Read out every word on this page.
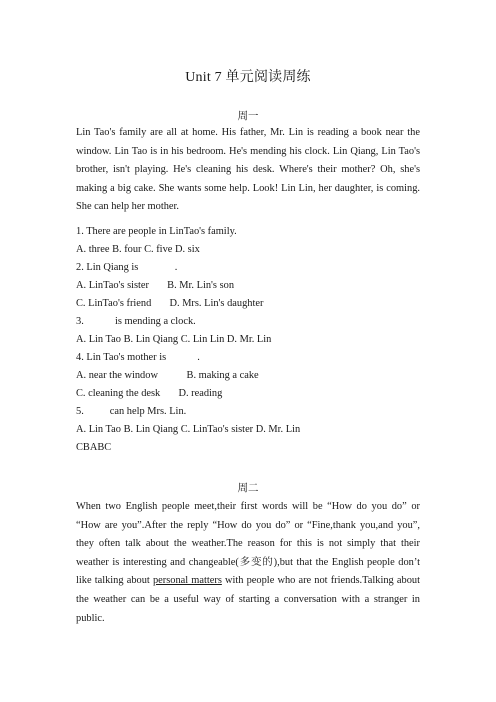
Unit 7 单元阅读周练
周一

Lin Tao's family are all at home. His father, Mr. Lin is reading a book near the window. Lin Tao is in his bedroom. He's mending his clock. Lin Qiang, Lin Tao's brother, isn't playing. He's cleaning his desk. Where's their mother? Oh, she's making a big cake. She wants some help. Look! Lin Lin, her daughter, is coming. She can help her mother.

1. There are people in LinTao's family.
A. three B. four C. five D. six
2. Lin Qiang is              .
A. LinTao's sister       B. Mr. Lin's son
C. LinTao's friend       D. Mrs. Lin's daughter
3.            is mending a clock.
A. Lin Tao B. Lin Qiang C. Lin Lin D. Mr. Lin
4. Lin Tao's mother is            .
A. near the window           B. making a cake
C. cleaning the desk       D. reading
5.          can help Mrs. Lin.
A. Lin Tao B. Lin Qiang C. LinTao's sister D. Mr. Lin
CBABC
周二

When two English people meet,their first words will be “How do you do” or “How are you”.After the reply “How do you do” or “Fine,thank you,and you”, they often talk about the weather.The reason for this is not simply that their weather is interesting and changeable(多变的),but that the English people don’t like talking about personal matters with people who are not friends.Talking about the weather can be a useful way of starting a conversation with a stranger in public.
